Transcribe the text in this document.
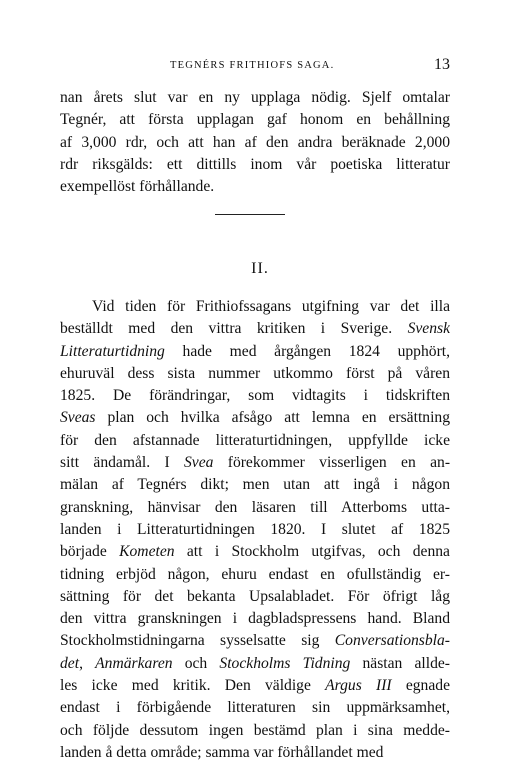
TEGNÉRS FRITHIOFS SAGA.	13
nan årets slut var en ny upplaga nödig. Sjelf omtalar
Tegnér, att första upplagan gaf honom en behållning
af 3,000 rdr, och att han af den andra beräknade 2,000
rdr riksgälds: ett dittills inom vår poetiska litteratur
exempellöst förhållande.
II.
Vid tiden för Frithiofssagans utgifning var det illa
beställdt med den vittra kritiken i Sverige. Svensk
Litteraturtidning hade med årgången 1824 upphört,
ehuruväl dess sista nummer utkommo först på våren
1825. De förändringar, som vidtagits i tidskriften
Sveas plan och hvilka afsågo att lemna en ersättning
för den afstannade litteraturtidningen, uppfyllde icke
sitt ändamål. I Svea förekommer visserligen en an-
mälan af Tegnérs dikt; men utan att ingå i någon
granskning, hänvisar den läsaren till Atterboms utta-
landen i Litteraturtidningen 1820. I slutet af 1825
började Kometen att i Stockholm utgifvas, och denna
tidning erbjöd någon, ehuru endast en ofullständig er-
sättning för det bekanta Upsalabladet. För öfrigt låg
den vittra granskningen i dagbladspressens hand. Bland
Stockholmstidningarna sysselsatte sig Conversationsbla-
det, Anmärkaren och Stockholms Tidning nästan allde-
les icke med kritik. Den väldige Argus III egnade
endast i förbigående litteraturen sin uppmärksamhet,
och följde dessutom ingen bestämd plan i sina medde-
landen å detta område; samma var förhållandet med
